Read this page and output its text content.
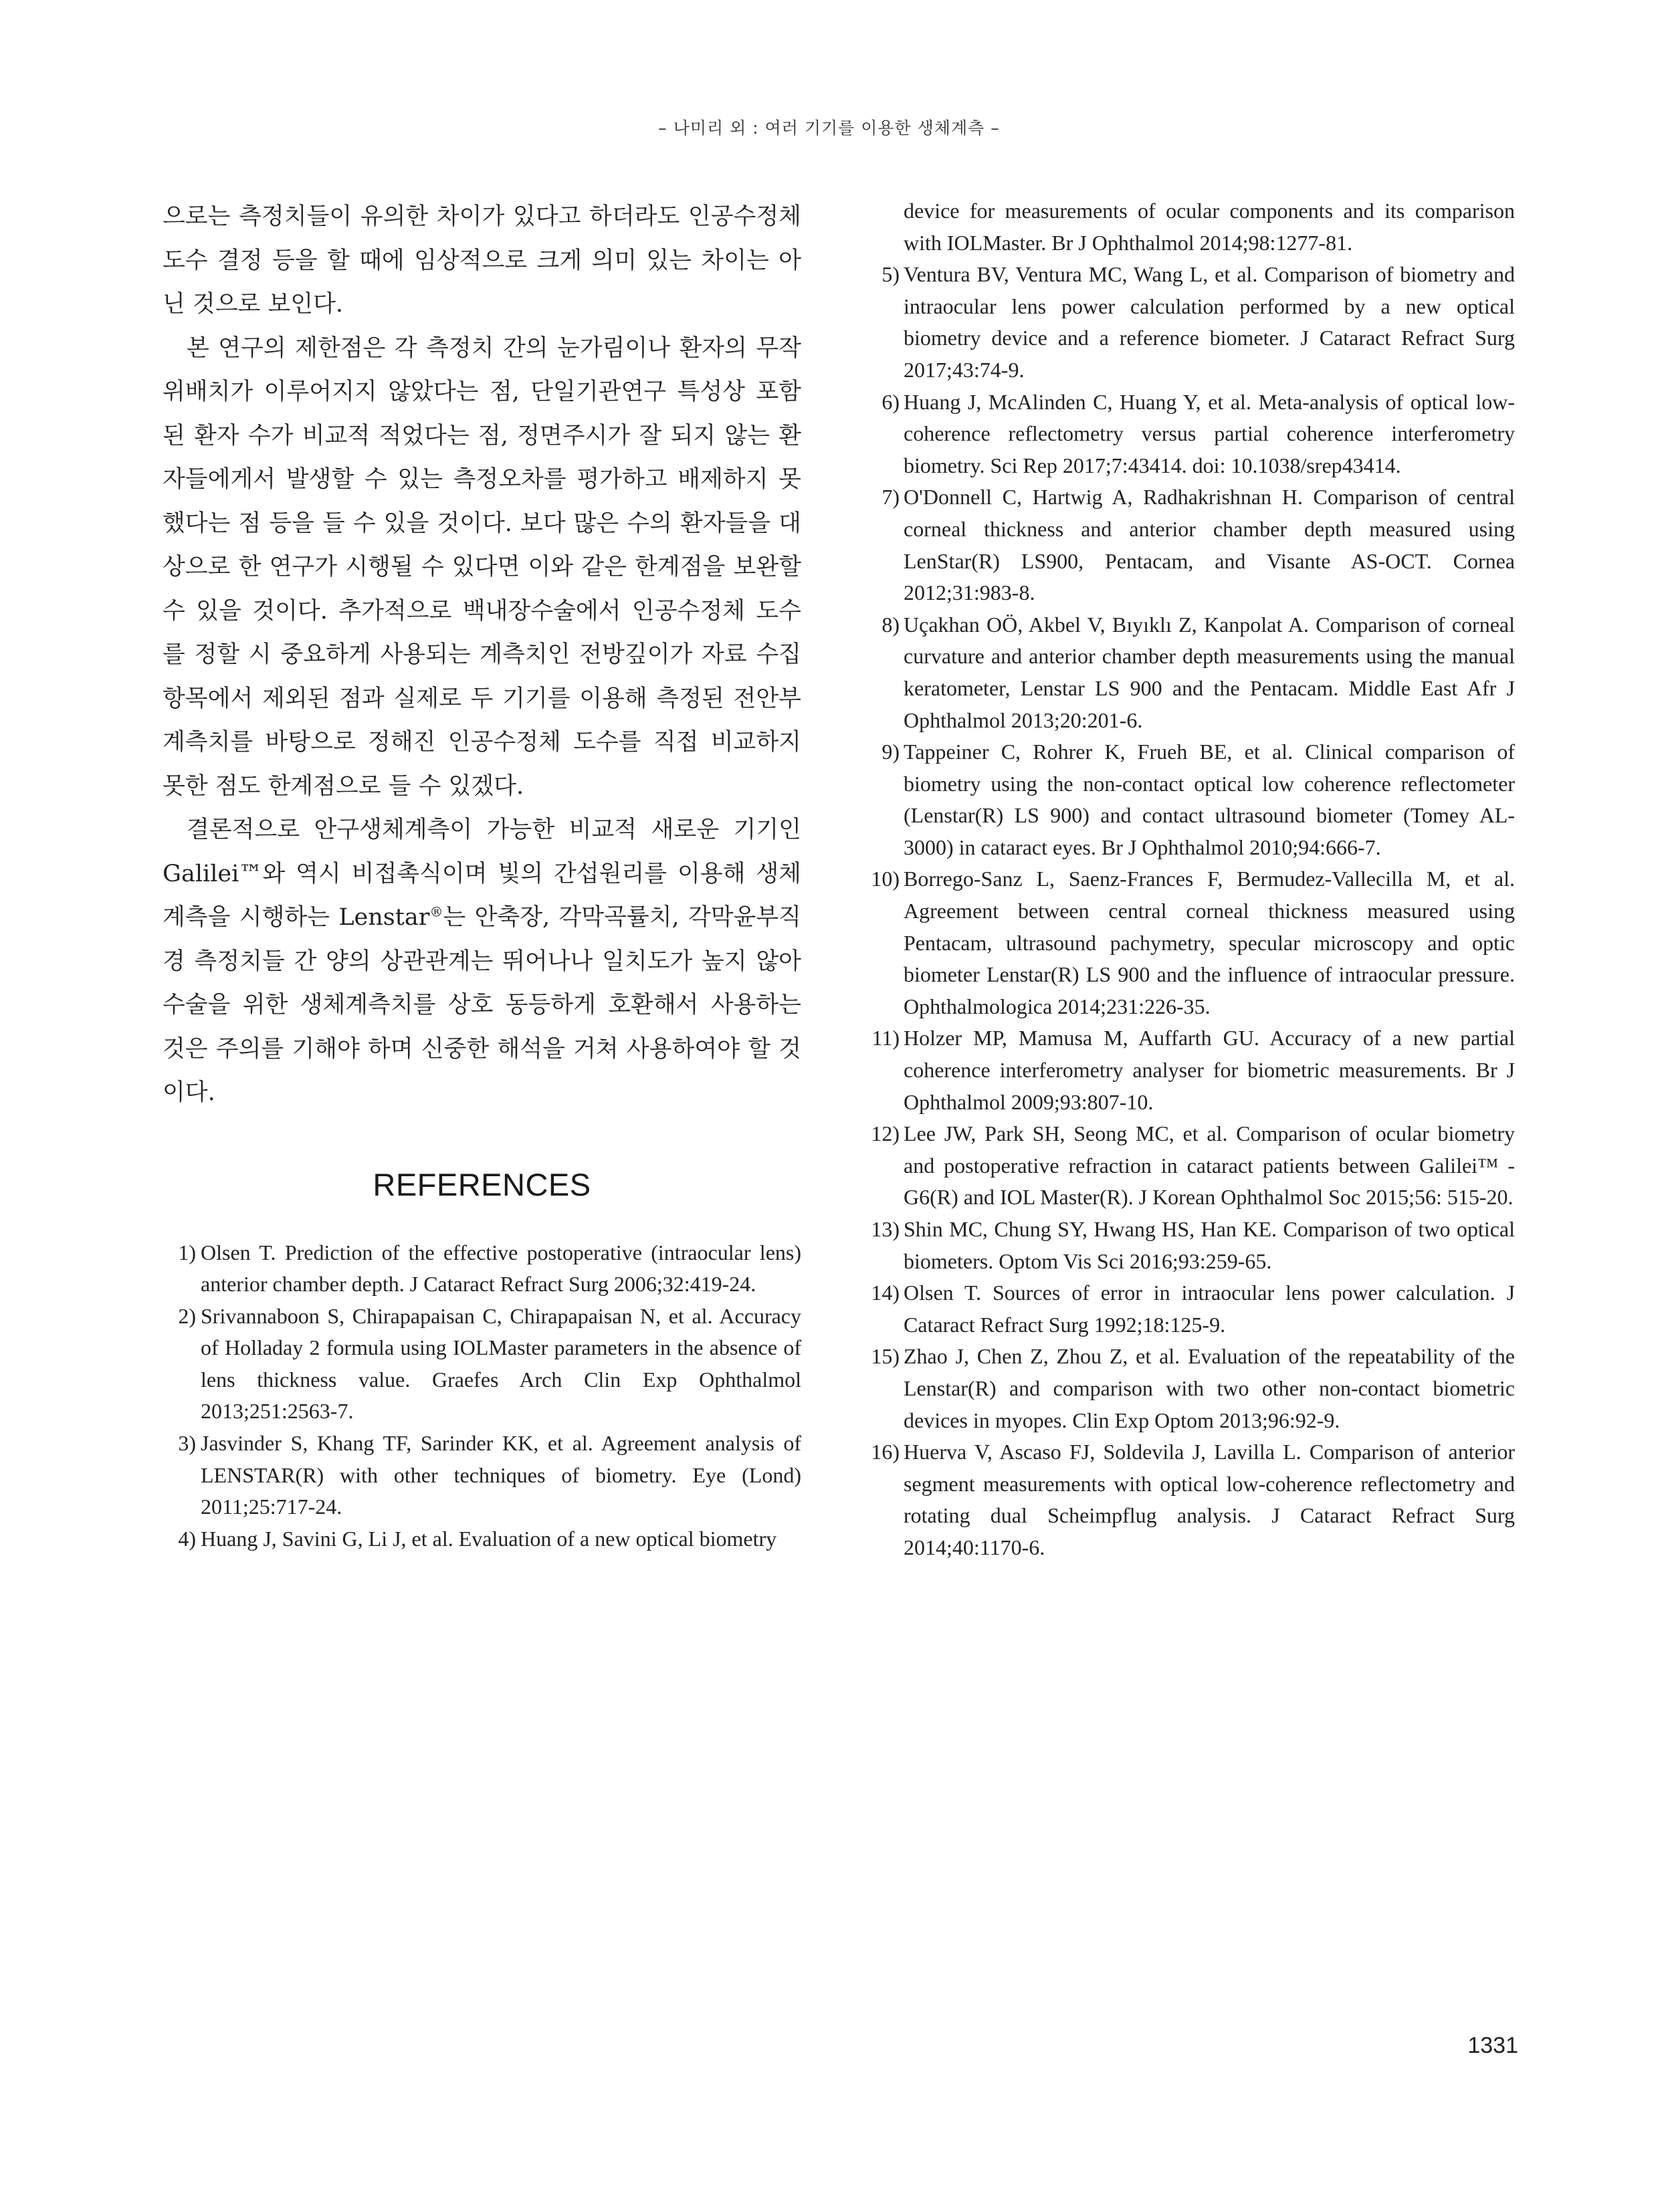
– 나미리 외 : 여러 기기를 이용한 생체계측 –

으로는 측정치들이 유의한 차이가 있다고 하더라도 인공수정체 도수 결정 등을 할 때에 임상적으로 크게 의미 있는 차이는 아닌 것으로 보인다.

본 연구의 제한점은 각 측정치 간의 눈가림이나 환자의 무작위배치가 이루어지지 않았다는 점, 단일기관연구 특성상 포함된 환자 수가 비교적 적었다는 점, 정면주시가 잘 되지 않는 환자들에게서 발생할 수 있는 측정오차를 평가하고 배제하지 못했다는 점 등을 들 수 있을 것이다. 보다 많은 수의 환자들을 대상으로 한 연구가 시행될 수 있다면 이와 같은 한계점을 보완할 수 있을 것이다. 추가적으로 백내장수술에서 인공수정체 도수를 정할 시 중요하게 사용되는 계측치인 전방깊이가 자료 수집 항목에서 제외된 점과 실제로 두 기기를 이용해 측정된 전안부 계측치를 바탕으로 정해진 인공수정체 도수를 직접 비교하지 못한 점도 한계점으로 들 수 있겠다.

결론적으로 안구생체계측이 가능한 비교적 새로운 기기인 Galilei™와 역시 비접촉식이며 빛의 간섭원리를 이용해 생체계측을 시행하는 Lenstar®는 안축장, 각막곡률치, 각막윤부직경 측정치들 간 양의 상관관계는 뛰어나나 일치도가 높지 않아 수술을 위한 생체계측치를 상호 동등하게 호환해서 사용하는 것은 주의를 기해야 하며 신중한 해석을 거쳐 사용하여야 할 것이다.

REFERENCES
1) Olsen T. Prediction of the effective postoperative (intraocular lens) anterior chamber depth. J Cataract Refract Surg 2006;32:419-24.
2) Srivannaboon S, Chirapapaisan C, Chirapapaisan N, et al. Accuracy of Holladay 2 formula using IOLMaster parameters in the absence of lens thickness value. Graefes Arch Clin Exp Ophthalmol 2013;251:2563-7.
3) Jasvinder S, Khang TF, Sarinder KK, et al. Agreement analysis of LENSTAR(R) with other techniques of biometry. Eye (Lond) 2011;25:717-24.
4) Huang J, Savini G, Li J, et al. Evaluation of a new optical biometry

device for measurements of ocular components and its comparison with IOLMaster. Br J Ophthalmol 2014;98:1277-81.

5) Ventura BV, Ventura MC, Wang L, et al. Comparison of biometry and intraocular lens power calculation performed by a new optical biometry device and a reference biometer. J Cataract Refract Surg 2017;43:74-9.
6) Huang J, McAlinden C, Huang Y, et al. Meta-analysis of optical low-coherence reflectometry versus partial coherence interferometry biometry. Sci Rep 2017;7:43414. doi: 10.1038/srep43414.
7) O'Donnell C, Hartwig A, Radhakrishnan H. Comparison of central corneal thickness and anterior chamber depth measured using LenStar(R) LS900, Pentacam, and Visante AS-OCT. Cornea 2012;31:983-8.
8) Uçakhan OÖ, Akbel V, Bıyıklı Z, Kanpolat A. Comparison of corneal curvature and anterior chamber depth measurements using the manual keratometer, Lenstar LS 900 and the Pentacam. Middle East Afr J Ophthalmol 2013;20:201-6.
9) Tappeiner C, Rohrer K, Frueh BE, et al. Clinical comparison of biometry using the non-contact optical low coherence reflectometer (Lenstar(R) LS 900) and contact ultrasound biometer (Tomey AL-3000) in cataract eyes. Br J Ophthalmol 2010;94:666-7.
10) Borrego-Sanz L, Saenz-Frances F, Bermudez-Vallecilla M, et al. Agreement between central corneal thickness measured using Pentacam, ultrasound pachymetry, specular microscopy and optic biometer Lenstar(R) LS 900 and the influence of intraocular pressure. Ophthalmologica 2014;231:226-35.
11) Holzer MP, Mamusa M, Auffarth GU. Accuracy of a new partial coherence interferometry analyser for biometric measurements. Br J Ophthalmol 2009;93:807-10.
12) Lee JW, Park SH, Seong MC, et al. Comparison of ocular biometry and postoperative refraction in cataract patients between Galilei™ -G6(R) and IOL Master(R). J Korean Ophthalmol Soc 2015;56: 515-20.
13) Shin MC, Chung SY, Hwang HS, Han KE. Comparison of two optical biometers. Optom Vis Sci 2016;93:259-65.
14) Olsen T. Sources of error in intraocular lens power calculation. J Cataract Refract Surg 1992;18:125-9.
15) Zhao J, Chen Z, Zhou Z, et al. Evaluation of the repeatability of the Lenstar(R) and comparison with two other non-contact biometric devices in myopes. Clin Exp Optom 2013;96:92-9.
16) Huerva V, Ascaso FJ, Soldevila J, Lavilla L. Comparison of anterior segment measurements with optical low-coherence reflectometry and rotating dual Scheimpflug analysis. J Cataract Refract Surg 2014;40:1170-6.
1331
